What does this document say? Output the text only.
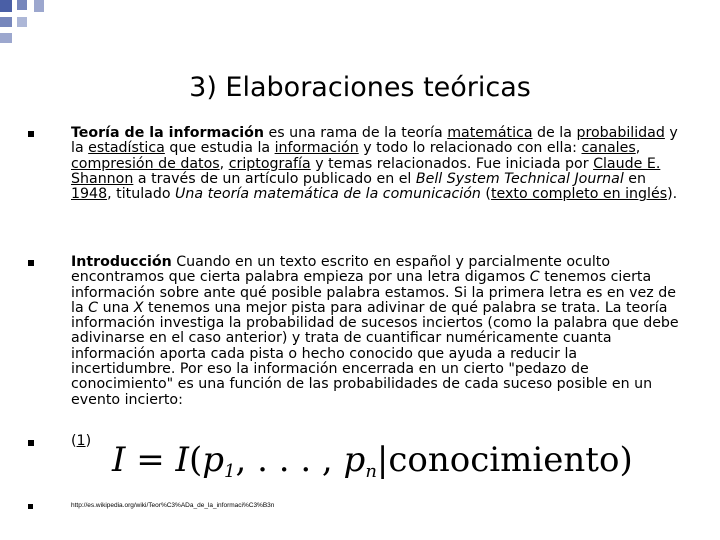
3) Elaboraciones teóricas
Teoría de la información es una rama de la teoría matemática de la probabilidad y la estadística que estudia la información y todo lo relacionado con ella: canales, compresión de datos, criptografía y temas relacionados. Fue iniciada por Claude E. Shannon a través de un artículo publicado en el Bell System Technical Journal en 1948, titulado Una teoría matemática de la comunicación (texto completo en inglés).
Introducción Cuando en un texto escrito en español y parcialmente oculto encontramos que cierta palabra empieza por una letra digamos C tenemos cierta información sobre ante qué posible palabra estamos. Si la primera letra es en vez de la C una X tenemos una mejor pista para adivinar de qué palabra se trata. La teoría información investiga la probabilidad de sucesos inciertos (como la palabra que debe adivinarse en el caso anterior) y trata de cuantificar numéricamente cuanta información aporta cada pista o hecho conocido que ayuda a reducir la incertidumbre. Por eso la información encerrada en un cierto "pedazo de conocimiento" es una función de las probabilidades de cada suceso posible en un evento incierto:
(1) $I = I(p_1$, . . . , $p_n|conocimiento$)
http://es.wikipedia.org/wiki/Teor%C3%ADa_de_la_informaci%C3%B3n
